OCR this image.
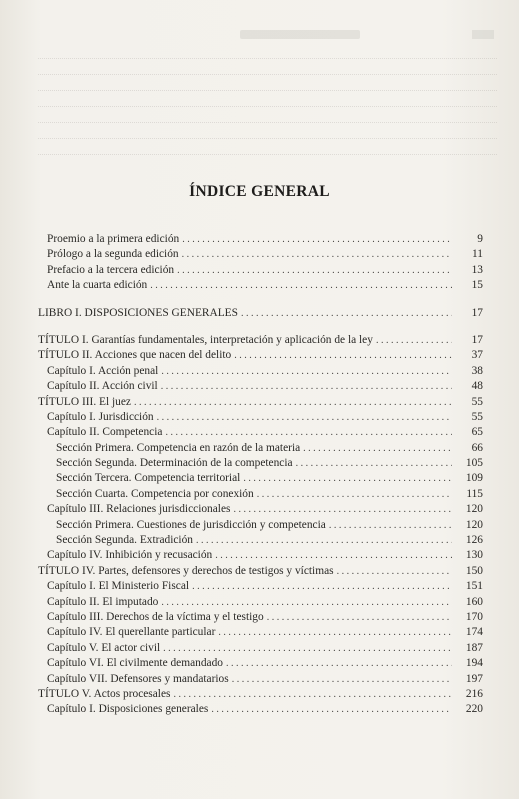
ÍNDICE GENERAL
Proemio a la primera edición . . .	9
Prólogo a la segunda edición . . .	11
Prefacio a la tercera edición . . .	13
Ante la cuarta edición . . .	15
LIBRO I. DISPOSICIONES GENERALES . . .	17
TÍTULO I. Garantías fundamentales, interpretación y aplicación de la ley . . .	17
TÍTULO II. Acciones que nacen del delito . . .	37
Capítulo I. Acción penal . . .	38
Capítulo II. Acción civil . . .	48
TÍTULO III. El juez . . .	55
Capítulo I. Jurisdicción . . .	55
Capítulo II. Competencia . . .	65
Sección Primera. Competencia en razón de la materia . . .	66
Sección Segunda. Determinación de la competencia . . .	105
Sección Tercera. Competencia territorial . . .	109
Sección Cuarta. Competencia por conexión . . .	115
Capítulo III. Relaciones jurisdiccionales . . .	120
Sección Primera. Cuestiones de jurisdicción y competencia . . .	120
Sección Segunda. Extradición . . .	126
Capítulo IV. Inhibición y recusación . . .	130
TÍTULO IV. Partes, defensores y derechos de testigos y víctimas . . .	150
Capítulo I. El Ministerio Fiscal . . .	151
Capítulo II. El imputado . . .	160
Capítulo III. Derechos de la víctima y el testigo . . .	170
Capítulo IV. El querellante particular . . .	174
Capítulo V. El actor civil . . .	187
Capítulo VI. El civilmente demandado . . .	194
Capítulo VII. Defensores y mandatarios . . .	197
TÍTULO V. Actos procesales . . .	216
Capítulo I. Disposiciones generales . . .	220
